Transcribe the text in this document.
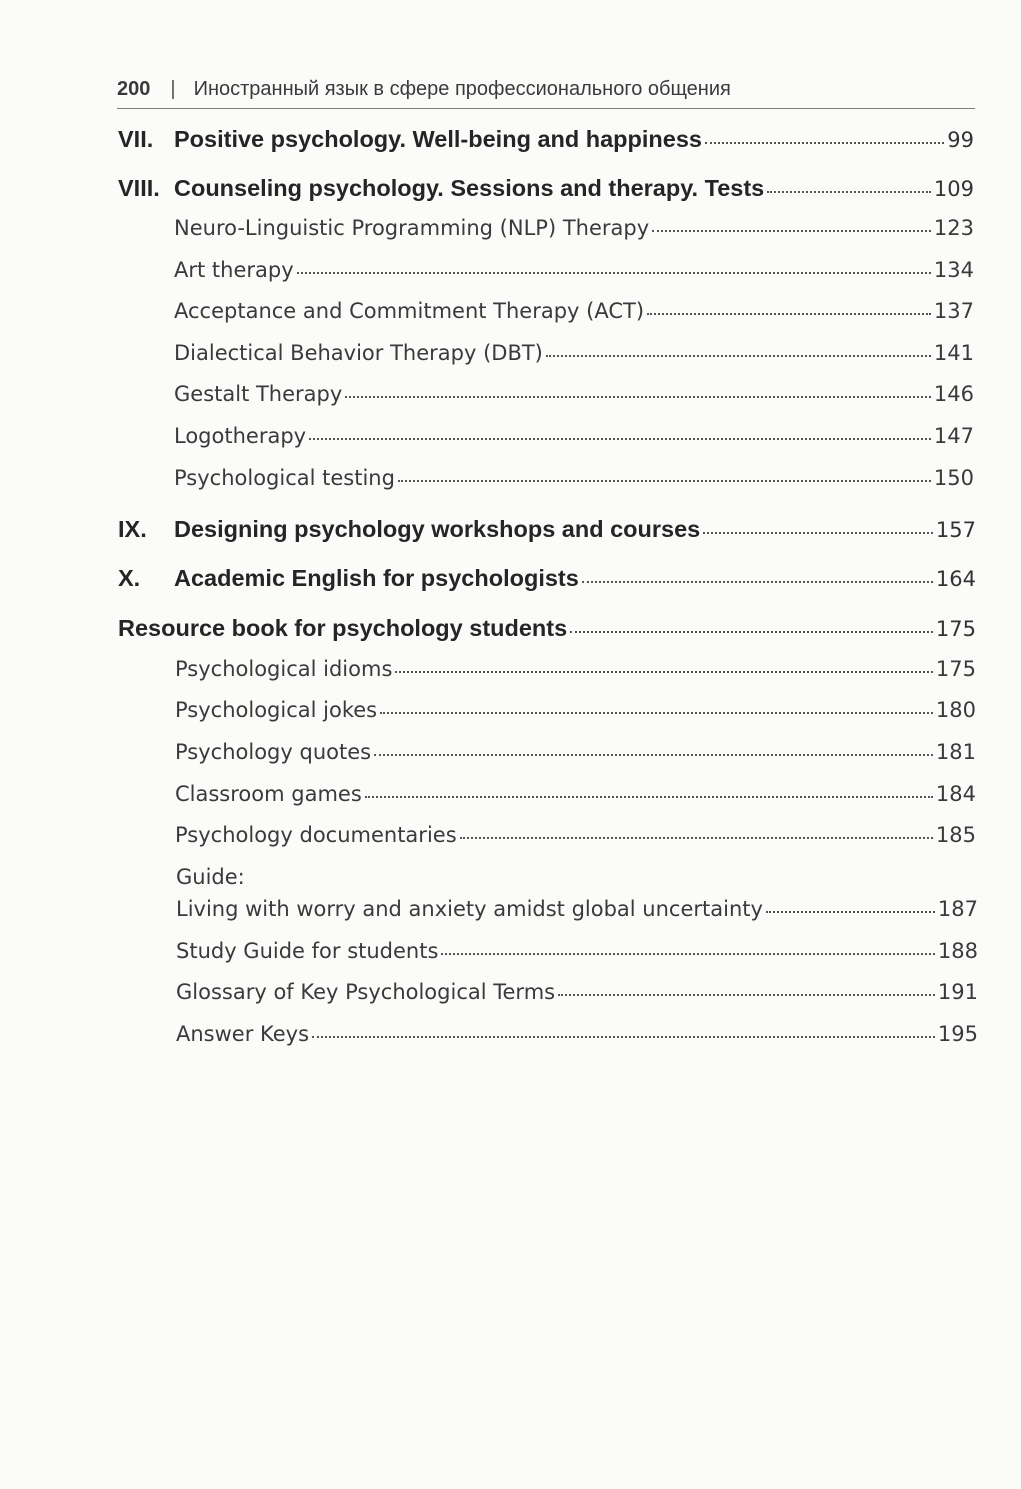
200 | Иностранный язык в сфере профессионального общения
VII. Positive psychology. Well-being and happiness	99
VIII. Counseling psychology. Sessions and therapy. Tests	109
Neuro-Linguistic Programming (NLP) Therapy	123
Art therapy	134
Acceptance and Commitment Therapy (ACT)	137
Dialectical Behavior Therapy (DBT)	141
Gestalt Therapy	146
Logotherapy	147
Psychological testing	150
IX.	Designing psychology workshops and courses	157
X.	Academic English for psychologists	164
Resource book for psychology students	175
Psychological idioms	175
Psychological jokes	180
Psychology quotes	181
Classroom games	184
Psychology documentaries	185
Guide:
Living with worry and anxiety amidst global uncertainty	187
Study Guide for students	188
Glossary of Key Psychological Terms	191
Answer Keys	195
